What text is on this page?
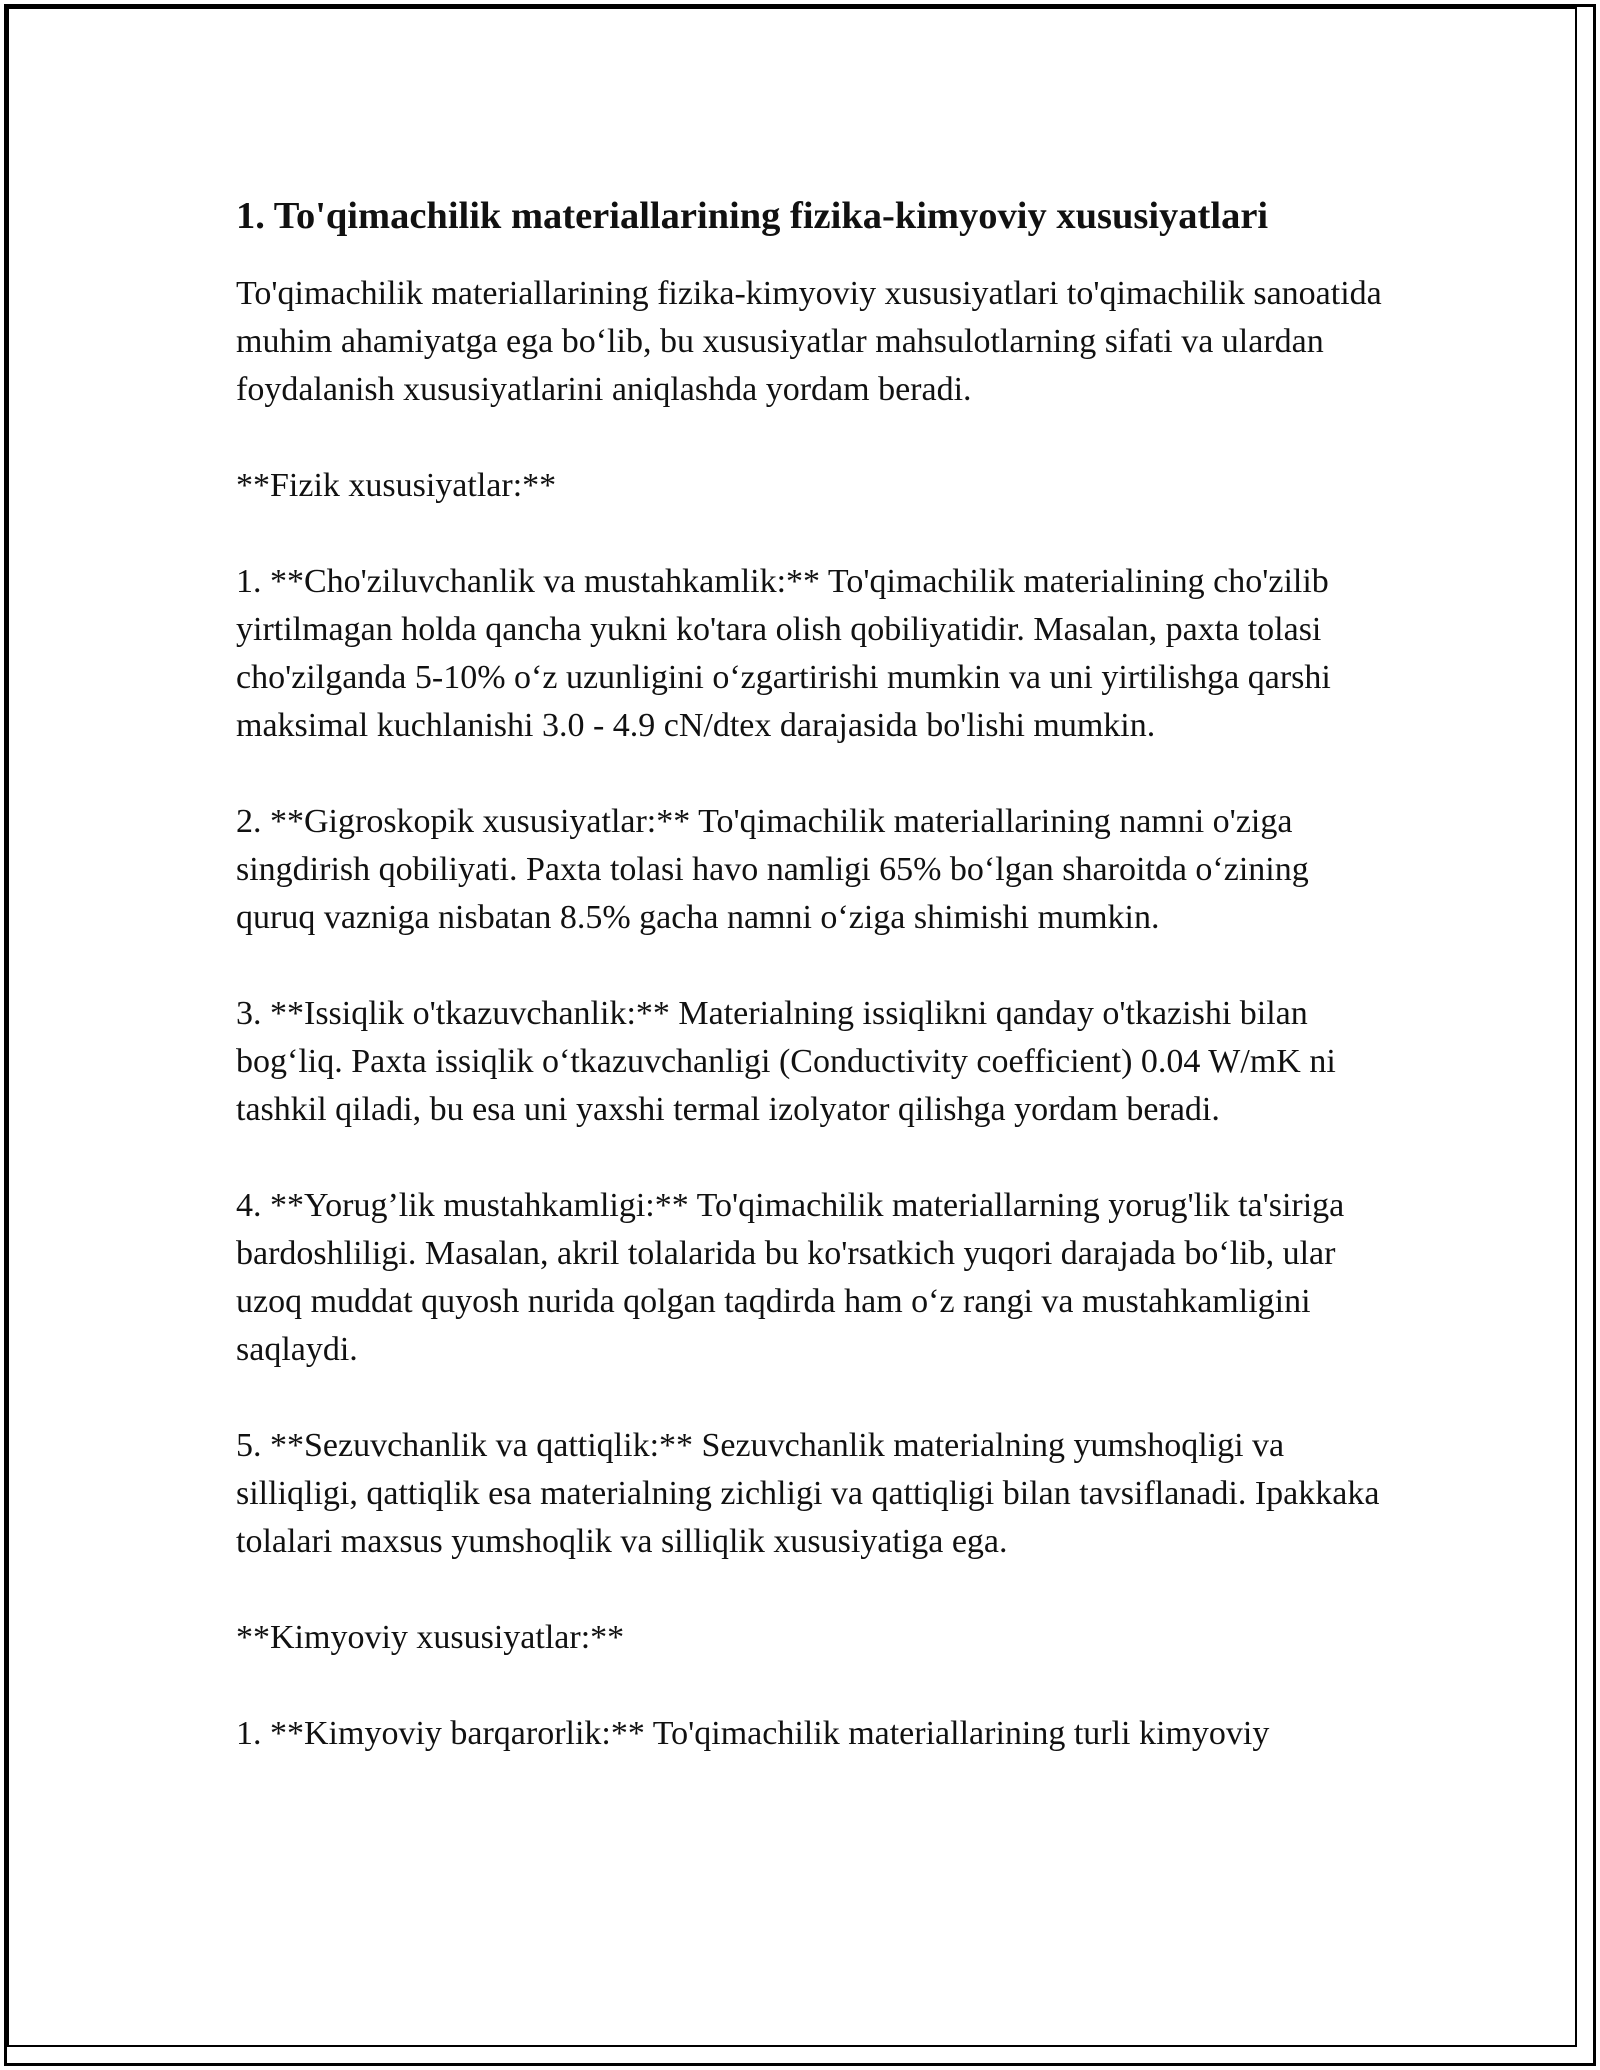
1. To'qimachilik materiallarining fizika-kimyoviy xususiyatlari

To'qimachilik materiallarining fizika-kimyoviy xususiyatlari to'qimachilik sanoatida muhim ahamiyatga ega bo‘lib, bu xususiyatlar mahsulotlarning sifati va ulardan foydalanish xususiyatlarini aniqlashda yordam beradi.

**Fizik xususiyatlar:**

1. **Cho'ziluvchanlik va mustahkamlik:** To'qimachilik materialining cho'zilib yirtilmagan holda qancha yukni ko'tara olish qobiliyatidir. Masalan, paxta tolasi cho'zilganda 5-10% o‘z uzunligini o‘zgartirishi mumkin va uni yirtilishga qarshi maksimal kuchlanishi 3.0 - 4.9 cN/dtex darajasida bo'lishi mumkin.

2. **Gigroskopik xususiyatlar:** To'qimachilik materiallarining namni o'ziga singdirish qobiliyati. Paxta tolasi havo namligi 65% bo‘lgan sharoitda o‘zining quruq vazniga nisbatan 8.5% gacha namni o‘ziga shimishi mumkin.

3. **Issiqlik o'tkazuvchanlik:** Materialning issiqlikni qanday o'tkazishi bilan bog‘liq. Paxta issiqlik o‘tkazuvchanligi (Conductivity coefficient) 0.04 W/mK ni tashkil qiladi, bu esa uni yaxshi termal izolyator qilishga yordam beradi.

4. **Yorug’lik mustahkamligi:** To'qimachilik materiallarning yorug'lik ta'siriga bardoshliligi. Masalan, akril tolalarida bu ko'rsatkich yuqori darajada bo‘lib, ular uzoq muddat quyosh nurida qolgan taqdirda ham o‘z rangi va mustahkamligini saqlaydi.

5. **Sezuvchanlik va qattiqlik:** Sezuvchanlik materialning yumshoqligi va silliqligi, qattiqlik esa materialning zichligi va qattiqligi bilan tavsiflanadi. Ipakkaka tolalari maxsus yumshoqlik va silliqlik xususiyatiga ega.

**Kimyoviy xususiyatlar:**

1. **Kimyoviy barqarorlik:** To'qimachilik materiallarining turli kimyoviy
